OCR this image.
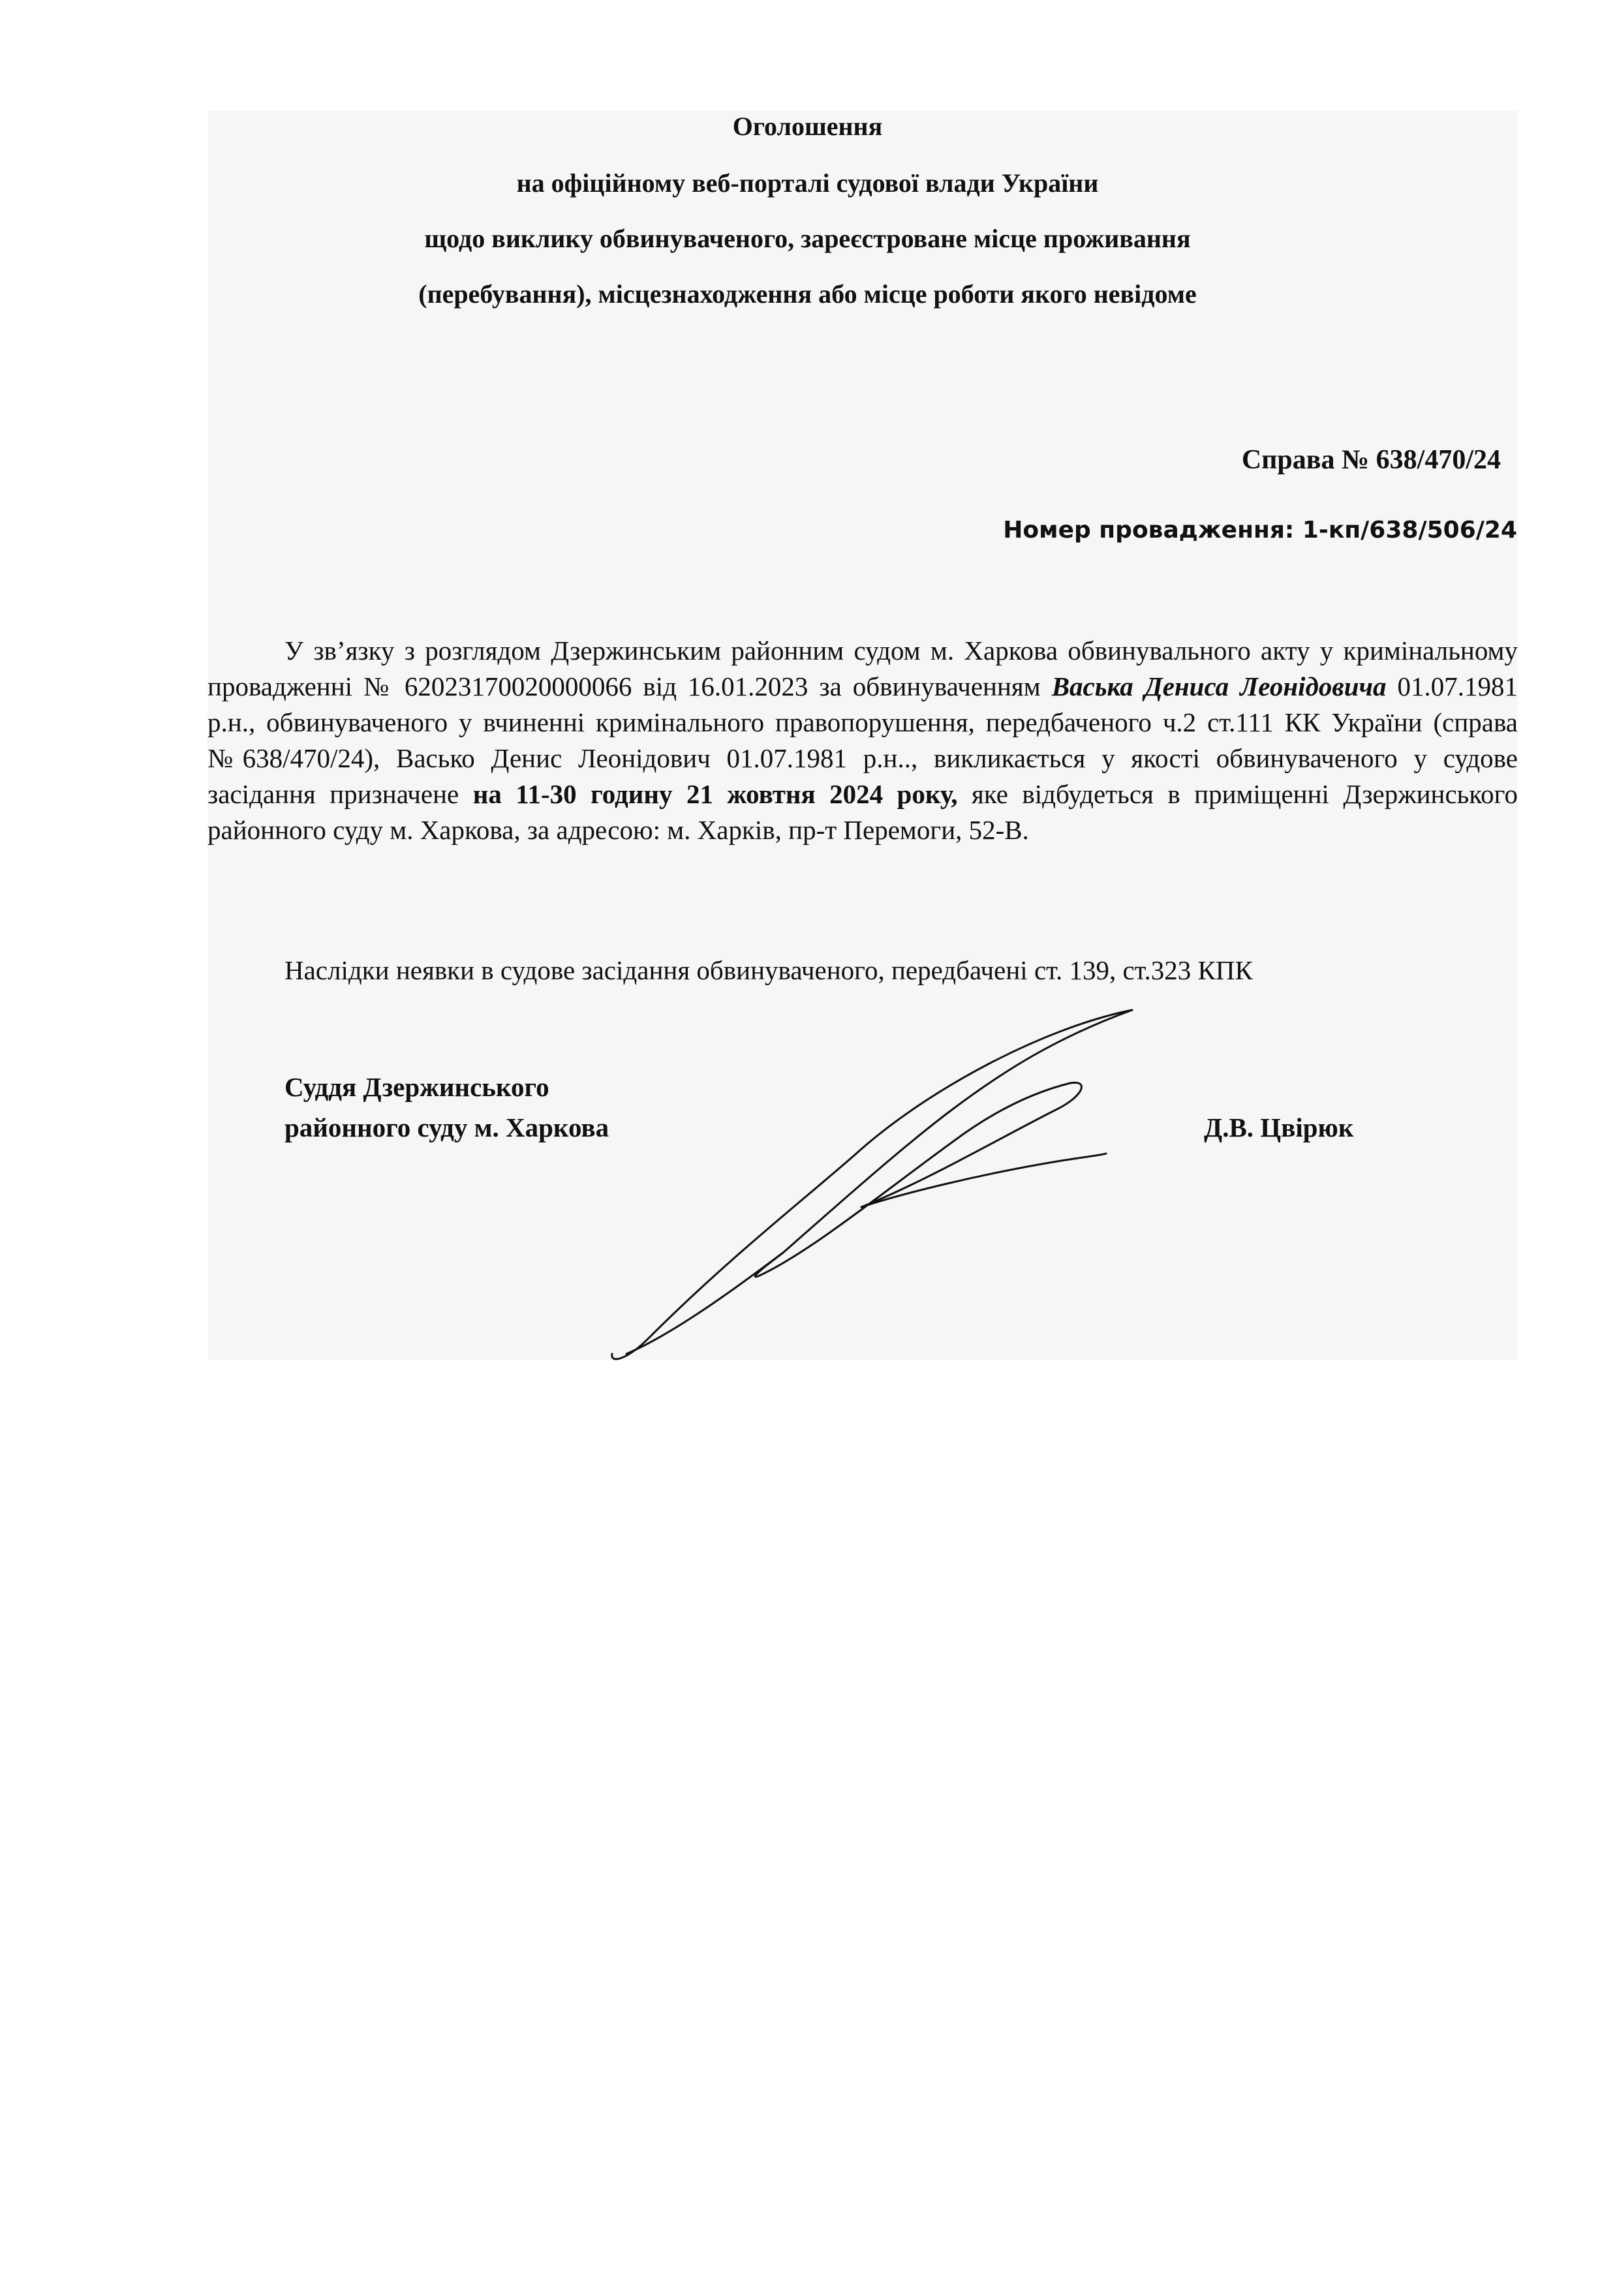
Оголошення
на офіційному веб-порталі судової влади України
щодо виклику обвинуваченого, зареєстроване місце проживання
(перебування), місцезнаходження або місце роботи якого невідоме
Справа № 638/470/24
Номер провадження: 1-кп/638/506/24

У зв’язку з розглядом Дзержинським районним судом м. Харкова обвинувального акту у кримінальному провадженні № 62023170020000066 від 16.01.2023 за обвинуваченням Васька Дениса Леонідовича 01.07.1981 р.н., обвинуваченого у вчиненні кримінального правопорушення, передбаченого ч.2 ст.111 КК України (справа №638/470/24), Васько Денис Леонідович 01.07.1981 р.н.., викликається у якості обвинуваченого у судове засідання призначене на 11-30 годину 21 жовтня 2024 року, яке відбудеться в приміщенні Дзержинського районного суду м. Харкова, за адресою: м. Харків, пр-т Перемоги, 52-В.

Наслідки неявки в судове засідання обвинуваченого, передбачені ст. 139, ст.323 КПК
Суддя Дзержинського
районного суду м. Харкова	Д.В. Цвірюк
